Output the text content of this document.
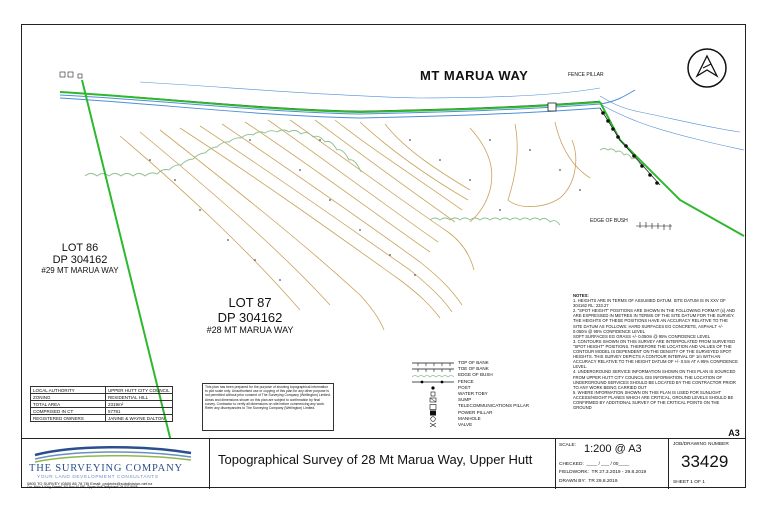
MT MARUA WAY	FENCE PILLAR
EDGE OF BUSH
LOT 86
DP 304162
#29 MT MARUA WAY
LOT 87
DP 304162
#28 MT MARUA WAY
LOCAL AUTHORITY	UPPER HUTT CITY COUNCIL
ZONING	RESIDENTIAL HILL
TOTAL AREA	2319m²
COMPRISED IN CT	57781
REGISTERED OWNERS	JANINE & WAYNE DALTON
This plan has been prepared for the purpose of showing topographical information to plot scale only. Unauthorised use or copying of this plan for any other purpose is not permitted without prior consent of The Surveying Company (Wellington) Limited. Areas and dimensions shown on this plan are subject to confirmation by final survey. Contractor to verify all dimensions on site before commencing any work. Refer any discrepancies to The Surveying Company (Wellington) Limited.
TOP OF BANK
TOE OF BANK
EDGE OF BUSH
FENCE
POST
WATER TOBY
SUMP
TELECOMMUNICATIONS PILLAR
POWER PILLAR
MANHOLE
VALVE
NOTES:
1. HEIGHTS ARE IN TERMS OF ASSUMED DATUM. SITE DATUM IS IN XXV OF 304162 RL: 233.27
2. "SPOT HEIGHT" POSITIONS ARE SHOWN IN THE FOLLOWING FORMAT (x) AND ARE EXPRESSED IN METRES IN TERMS OF THE SITE DATUM FOR THE SURVEY. THE HEIGHTS OF THESE POSITIONS HAVE AN ACCURACY RELATIVE TO THE SITE DATUM AS FOLLOWS: HARD SURFACES EG CONCRETE, ASPHALT +/- 0.050m @ 95% CONFIDENCE LEVEL
SOFT SURFACES EG GRASS +/- 0.050m @ 95% CONFIDENCE LEVEL
3. CONTOURS SHOWN ON THIS SURVEY ARE INTERPOLATED FROM SURVEYED "SPOT HEIGHT" POSITIONS. THEREFORE THE LOCATION AND VALUES OF THE CONTOUR MODEL IS DEPENDENT ON THE DENSITY OF THE SURVEYED SPOT HEIGHTS. THIS SURVEY DEPICTS A CONTOUR INTERVAL OF 1m WITH AN ACCURACY RELATIVE TO THE HEIGHT DATUM OF +/- 0.5m AT A 95% CONFIDENCE LEVEL.
4. UNDERGROUND SERVICE INFORMATION SHOWN ON THIS PLAN IS SOURCED FROM UPPER HUTT CITY COUNCIL GIS INFORMATION. THE LOCATION OF UNDERGROUND SERVICES SHOULD BE LOCATED BY THE CONTRACTOR PRIOR TO ANY WORK BEING CARRIED OUT
5. WHERE INFORMATION SHOWN ON THIS PLAN IS USED FOR SUNLIGHT ACCESS/HEIGHT PLANES WHICH ARE CRITICAL, GROUND LEVELS SHOULD BE CONFIRMED BY ADDITIONAL SURVEY OF THE CRITICAL POINTS ON THE GROUND
A3
THE SURVEYING COMPANY
YOUR LAND DEVELOPMENT CONSULTANTS
0800 TO SURVEY (0800 86 78 78) Email: projects@subdivision.net.nz
Cnr. Main & King Streets, PO Box 40 680, Upper Hutt Telephone: 04 527 8008
Topographical Survey of 28 Mt Marua Way, Upper Hutt
SCALE: 1:200 @ A3
CHECKED: ____ / ___ / 00____
FIELDWORK: TR 27.3.2019 - 29.8.2019
DRAWN BY: TR 29.8.2019
JOB/DRAWING NUMBER
33429
SHEET 1 OF 1
